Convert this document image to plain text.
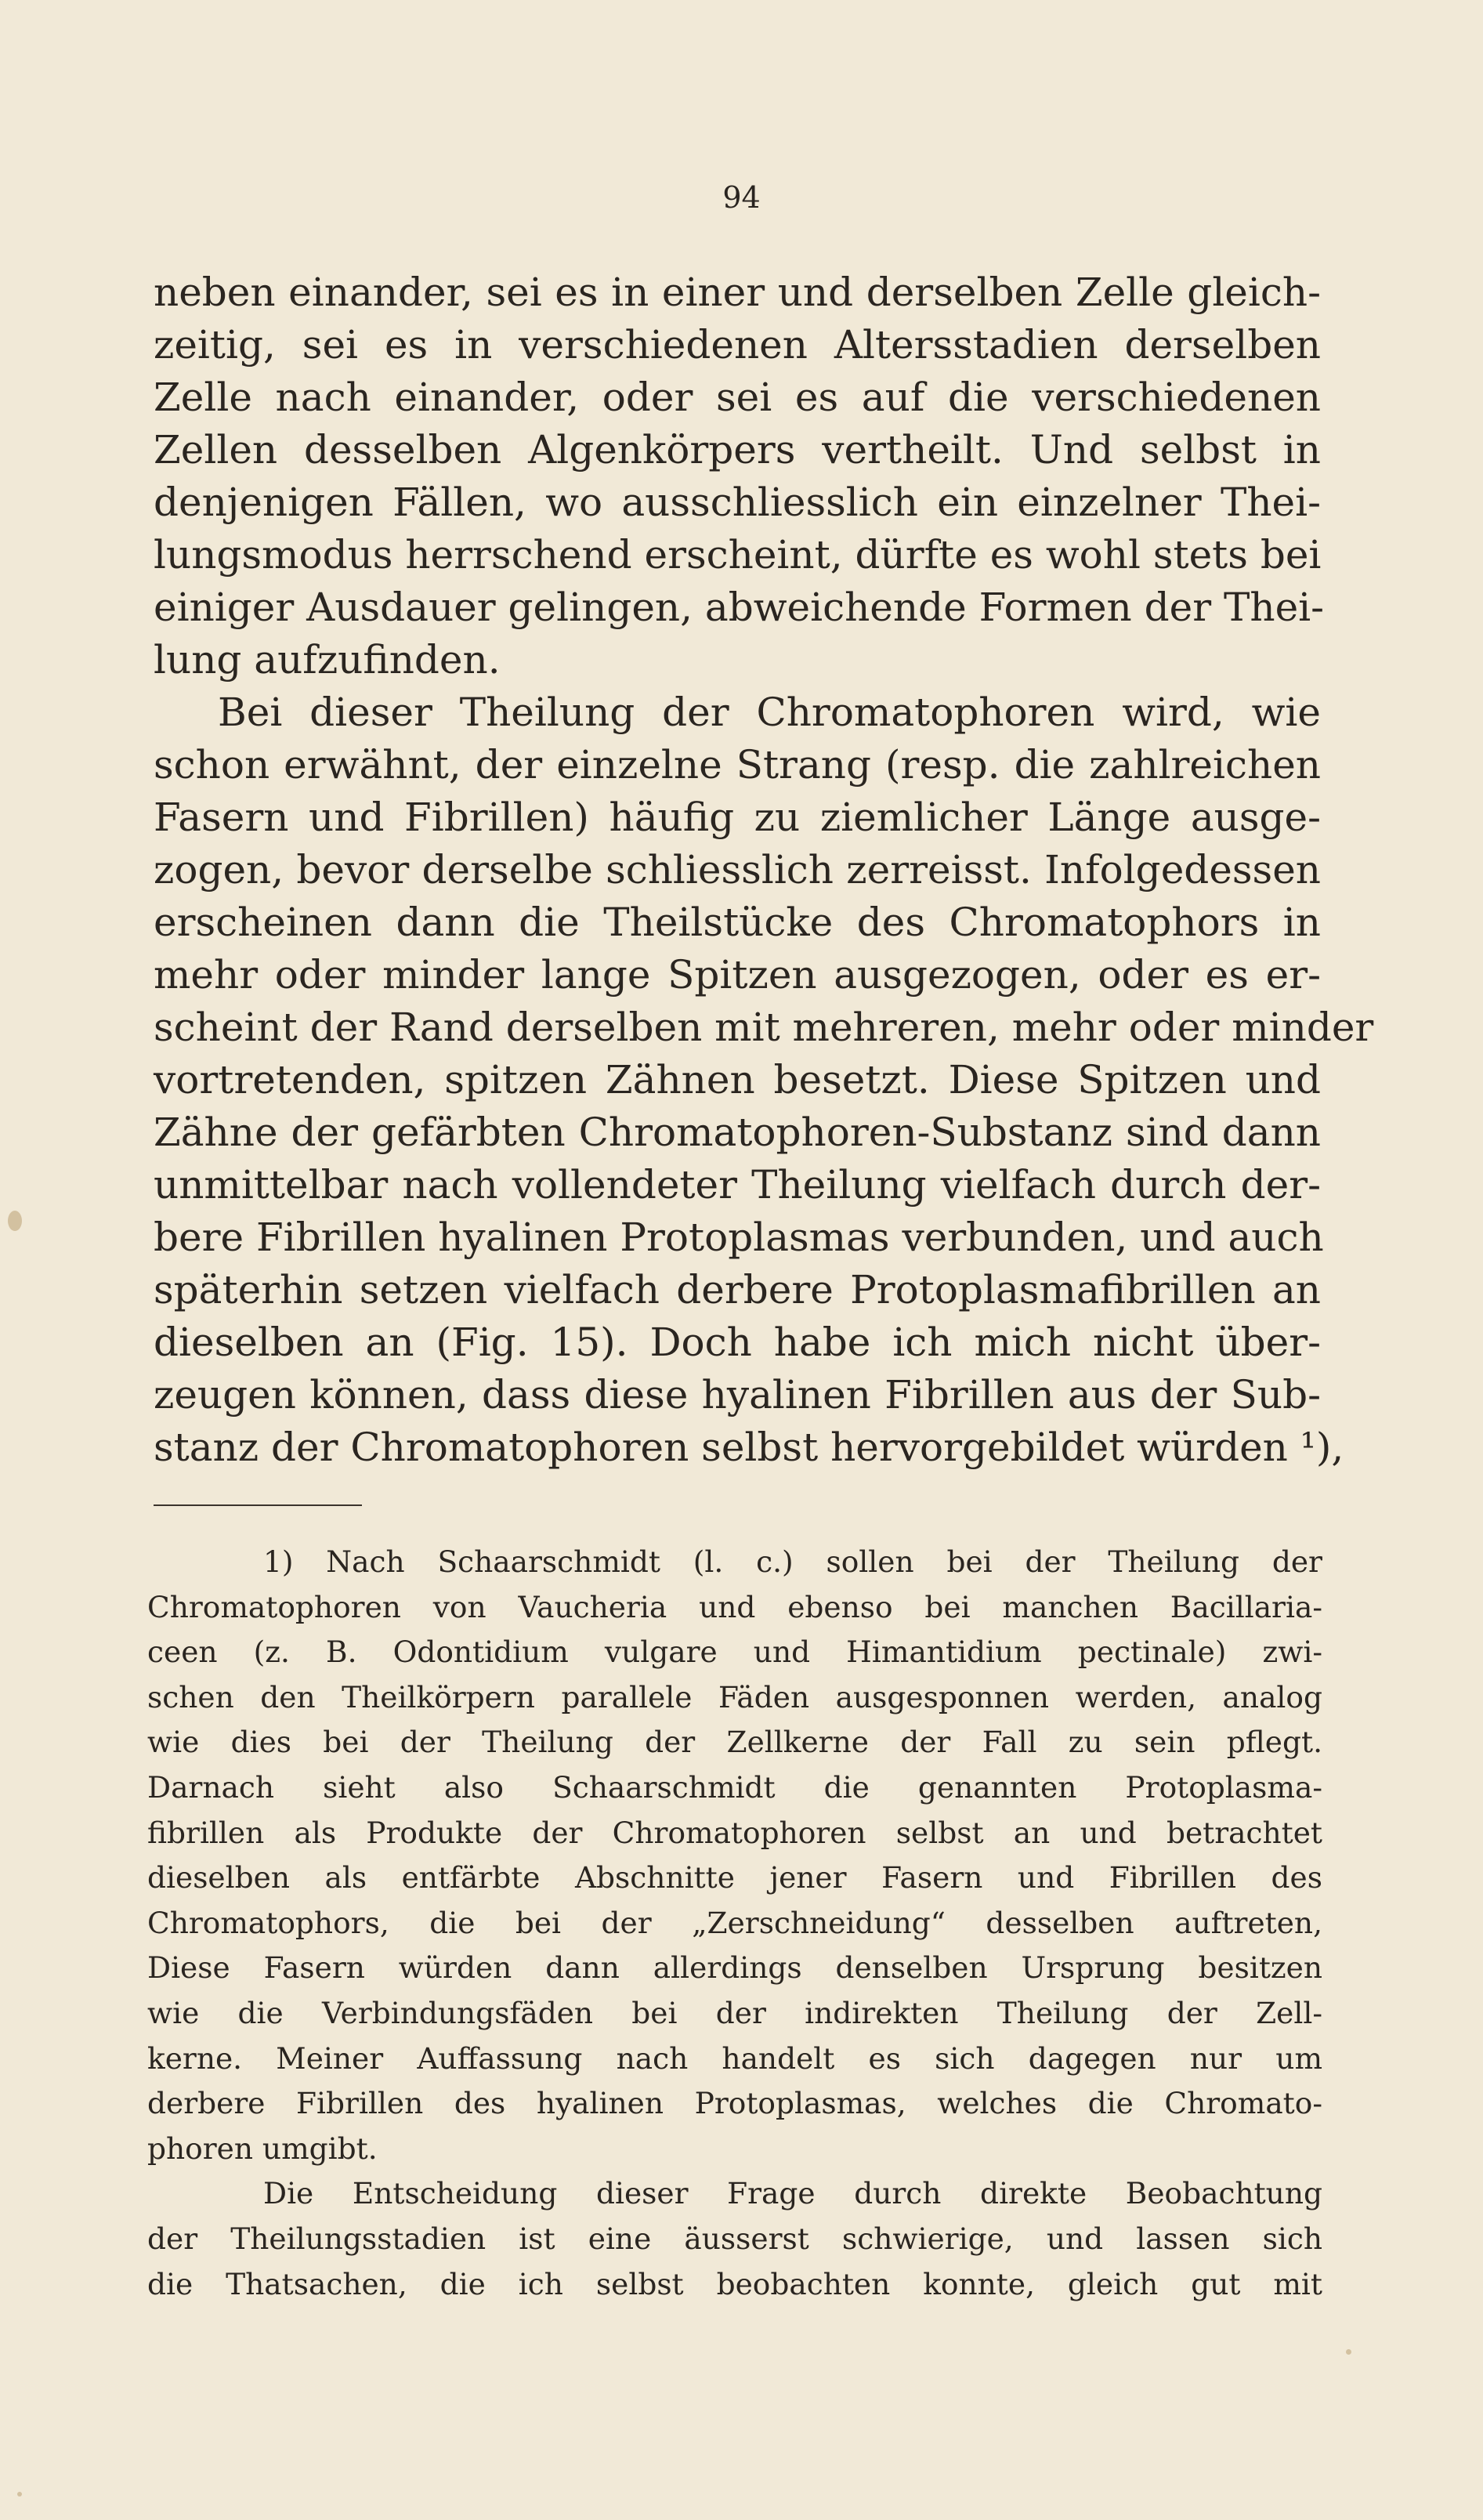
94
neben einander, sei es in einer und derselben Zelle gleich-
zeitig, sei es in verschiedenen Altersstadien derselben
Zelle nach einander, oder sei es auf die verschiedenen
Zellen desselben Algenkörpers vertheilt. Und selbst in
denjenigen Fällen, wo ausschliesslich ein einzelner Thei-
lungsmodus herrschend erscheint, dürfte es wohl stets bei
einiger Ausdauer gelingen, abweichende Formen der Thei-
lung aufzufinden.
Bei dieser Theilung der Chromatophoren wird, wie
schon erwähnt, der einzelne Strang (resp. die zahlreichen
Fasern und Fibrillen) häufig zu ziemlicher Länge ausge-
zogen, bevor derselbe schliesslich zerreisst. Infolgedessen
erscheinen dann die Theilstücke des Chromatophors in
mehr oder minder lange Spitzen ausgezogen, oder es er-
scheint der Rand derselben mit mehreren, mehr oder minder
vortretenden, spitzen Zähnen besetzt. Diese Spitzen und
Zähne der gefärbten Chromatophoren-Substanz sind dann
unmittelbar nach vollendeter Theilung vielfach durch der-
bere Fibrillen hyalinen Protoplasmas verbunden, und auch
späterhin setzen vielfach derbere Protoplasmafibrillen an
dieselben an (Fig. 15). Doch habe ich mich nicht über-
zeugen können, dass diese hyalinen Fibrillen aus der Sub-
stanz der Chromatophoren selbst hervorgebildet würden ¹),
1) Nach Schaarschmidt (l. c.) sollen bei der Theilung der
Chromatophoren von Vaucheria und ebenso bei manchen Bacillaria-
ceen (z. B. Odontidium vulgare und Himantidium pectinale) zwi-
schen den Theilkörpern parallele Fäden ausgesponnen werden, analog
wie dies bei der Theilung der Zellkerne der Fall zu sein pflegt.
Darnach sieht also Schaarschmidt die genannten Protoplasma-
fibrillen als Produkte der Chromatophoren selbst an und betrachtet
dieselben als entfärbte Abschnitte jener Fasern und Fibrillen des
Chromatophors, die bei der „Zerschneidung“ desselben auftreten,
Diese Fasern würden dann allerdings denselben Ursprung besitzen
wie die Verbindungsfäden bei der indirekten Theilung der Zell-
kerne. Meiner Auffassung nach handelt es sich dagegen nur um
derbere Fibrillen des hyalinen Protoplasmas, welches die Chromato-
phoren umgibt.
Die Entscheidung dieser Frage durch direkte Beobachtung
der Theilungsstadien ist eine äusserst schwierige, und lassen sich
die Thatsachen, die ich selbst beobachten konnte, gleich gut mit
